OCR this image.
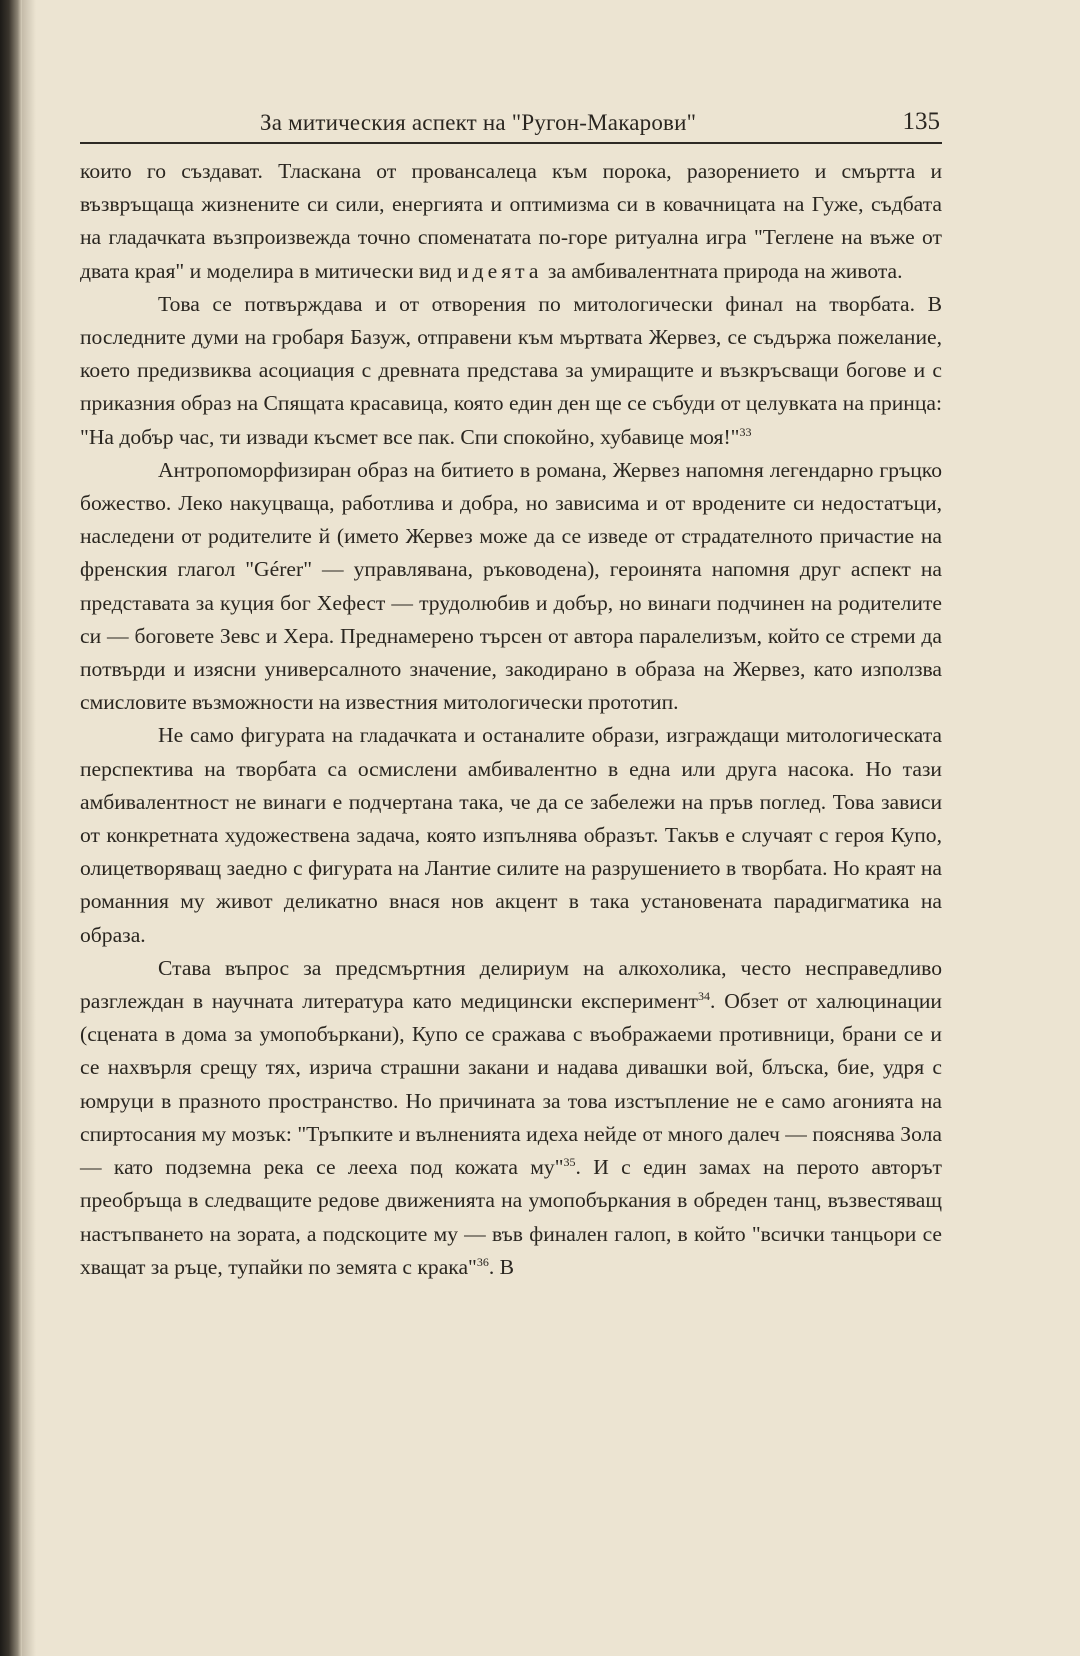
За митическия аспект на "Ругон-Макарови"	135

които го създават. Тласкана от провансалеца към порока, разорението и смъртта и възвръщаща жизнените си сили, енергията и оптимизма си в ковачницата на Гуже, съдбата на гладачката възпроизвежда точно споменатата по-горе ритуална игра "Теглене на въже от двата края" и моделира в митически вид идеята за амбивалентната природа на живота.

Това се потвърждава и от отворения по митологически финал на творбата. В последните думи на гробаря Базуж, отправени към мъртвата Жервез, се съдържа пожелание, което предизвиква асоциация с древната представа за умиращите и възкръсващи богове и с приказния образ на Спящата красавица, която един ден ще се събуди от целувката на принца: "На добър час, ти извади късмет все пак. Спи спокойно, хубавице моя!"$^{33}$

Антропоморфизиран образ на битието в романа, Жервез напомня легендарно гръцко божество. Леко накуцваща, работлива и добра, но зависима и от вродените си недостатъци, наследени от родителите й (името Жервез може да се изведе от страдателното причастие на френския глагол "Gérer" — управлявана, ръководена), героинята напомня друг аспект на представата за куция бог Хефест — трудолюбив и добър, но винаги подчинен на родителите си — боговете Зевс и Хера. Преднамерено търсен от автора паралелизъм, който се стреми да потвърди и изясни универсалното значение, закодирано в образа на Жервез, като използва смисловите възможности на известния митологически прототип.

Не само фигурата на гладачката и останалите образи, изграждащи митологическата перспектива на творбата са осмислени амбивалентно в една или друга насока. Но тази амбивалентност не винаги е подчертана така, че да се забележи на пръв поглед. Това зависи от конкретната художествена задача, която изпълнява образът. Такъв е случаят с героя Купо, олицетворяващ заедно с фигурата на Лантие силите на разрушението в творбата. Но краят на романния му живот деликатно внася нов акцент в така установената парадигматика на образа.

Става въпрос за предсмъртния делириум на алкохолика, често несправедливо разглеждан в научната литература като медицински експеримент$^{34}$. Обзет от халюцинации (сцената в дома за умопобъркани), Купо се сражава с въображаеми противници, брани се и се нахвърля срещу тях, изрича страшни закани и надава дивашки вой, блъска, бие, удря с юмруци в празното пространство. Но причината за това изстъпление не е само агонията на спиртосания му мозък: "Тръпките и вълненията идеха нейде от много далеч — пояснява Зола — като подземна река се лееха под кожата му"$^{35}$. И с един замах на перото авторът преобръща в следващите редове движенията на умопобъркания в обреден танц, възвестяващ настъпването на зората, а подскоците му — във финален галоп, в който "всички танцьори се хващат за ръце, тупайки по земята с крака"$^{36}$. В
